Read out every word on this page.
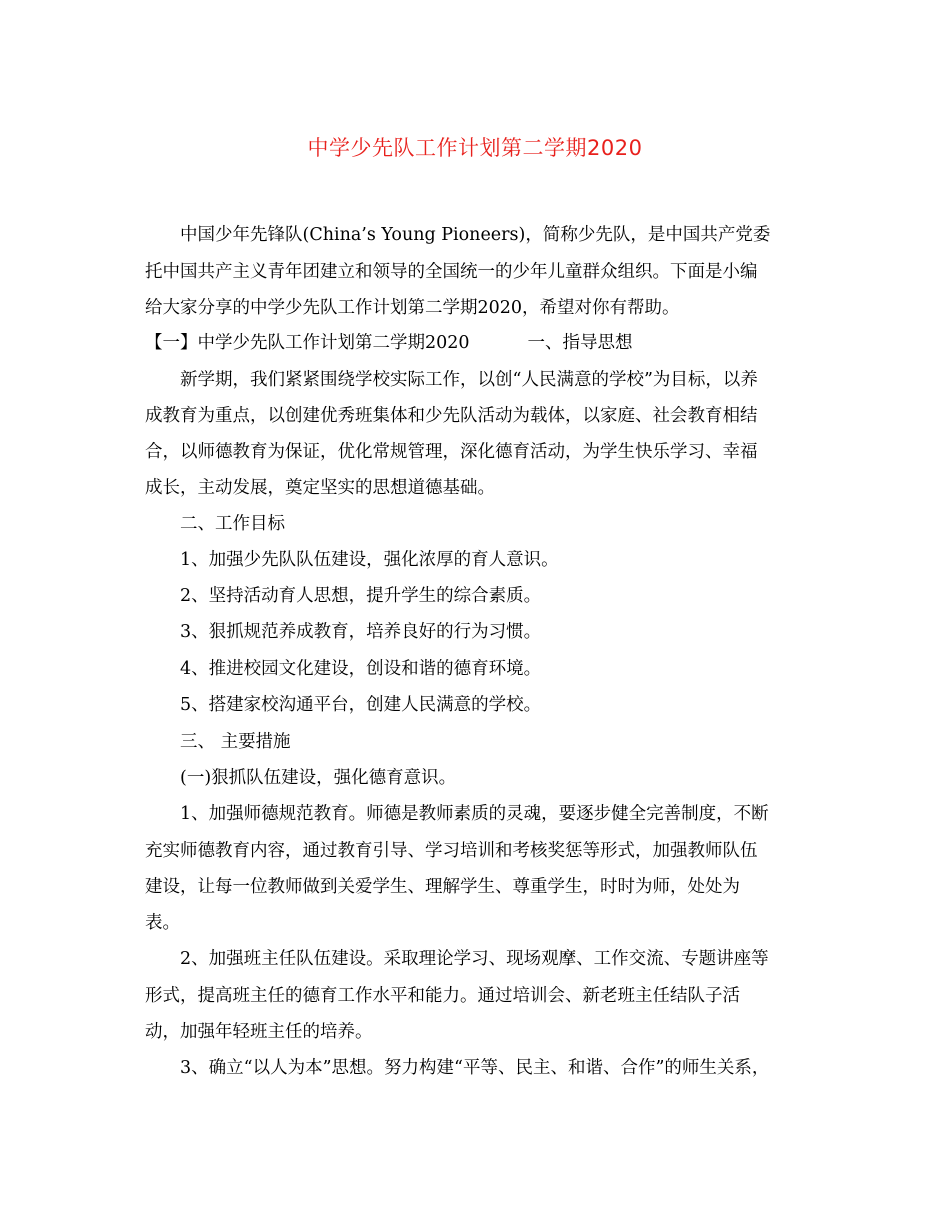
中学少先队工作计划第二学期2020
中国少年先锋队(China’s Young Pioneers)，简称少先队，是中国共产党委
托中国共产主义青年团建立和领导的全国统一的少年儿童群众组织。下面是小编
给大家分享的中学少先队工作计划第二学期2020，希望对你有帮助。
【一】中学少先队工作计划第二学期2020	一、指导思想
新学期，我们紧紧围绕学校实际工作，以创“人民满意的学校”为目标，以养
成教育为重点，以创建优秀班集体和少先队活动为载体，以家庭、社会教育相结
合，以师德教育为保证，优化常规管理，深化德育活动，为学生快乐学习、幸福
成长，主动发展，奠定坚实的思想道德基础。
二、工作目标
1、加强少先队队伍建设，强化浓厚的育人意识。
2、坚持活动育人思想，提升学生的综合素质。
3、狠抓规范养成教育，培养良好的行为习惯。
4、推进校园文化建设，创设和谐的德育环境。
5、搭建家校沟通平台，创建人民满意的学校。
三、 主要措施
(一)狠抓队伍建设，强化德育意识。
1、加强师德规范教育。师德是教师素质的灵魂，要逐步健全完善制度，不断
充实师德教育内容，通过教育引导、学习培训和考核奖惩等形式，加强教师队伍
建设，让每一位教师做到关爱学生、理解学生、尊重学生，时时为师，处处为
表。
2、加强班主任队伍建设。采取理论学习、现场观摩、工作交流、专题讲座等
形式，提高班主任的德育工作水平和能力。通过培训会、新老班主任结队子活
动，加强年轻班主任的培养。
3、确立“以人为本”思想。努力构建“平等、民主、和谐、合作”的师生关系，
